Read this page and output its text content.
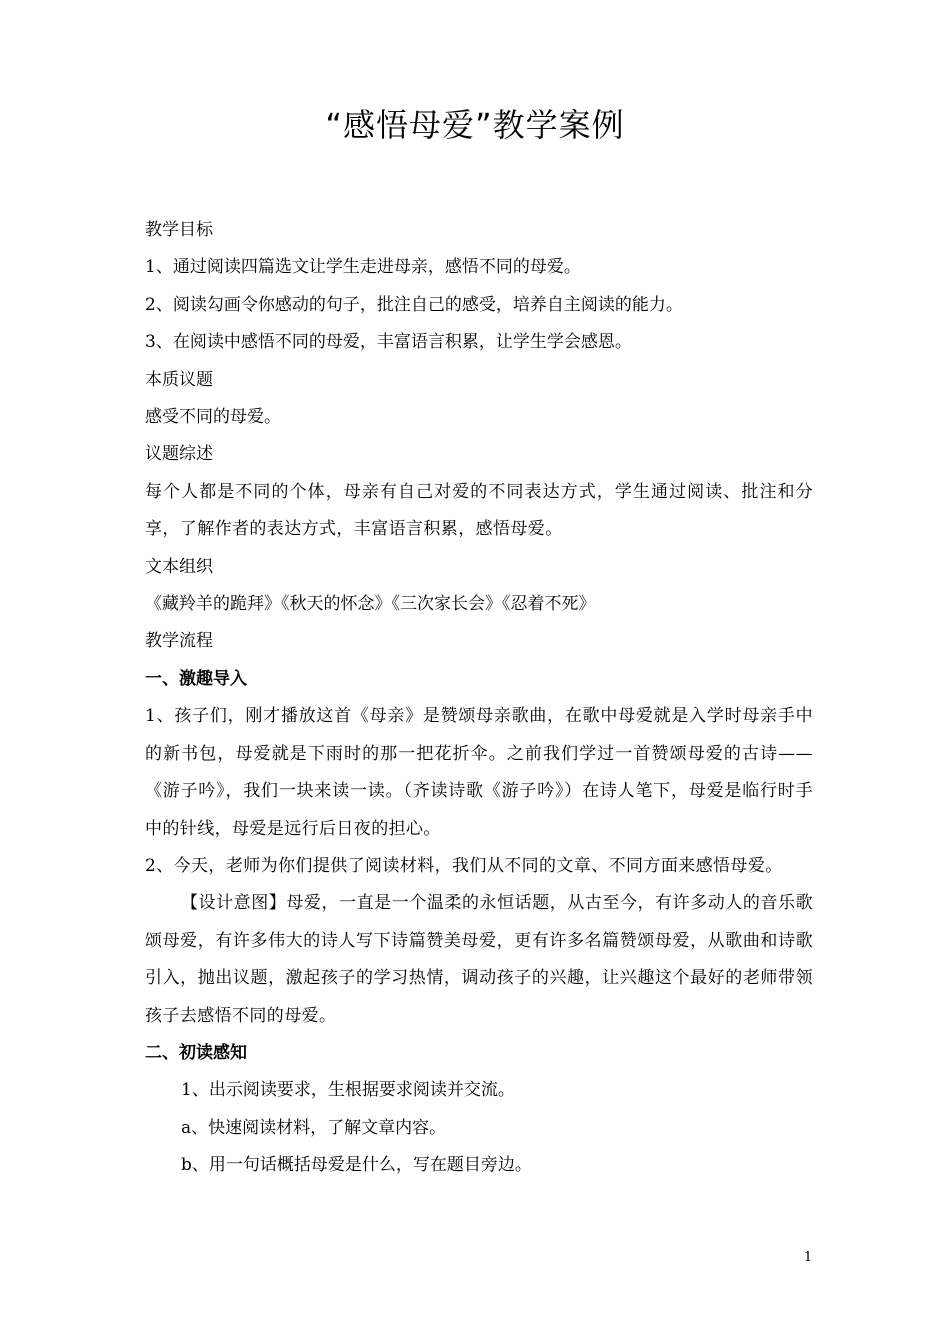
“感悟母爱”教学案例

教学目标

1、通过阅读四篇选文让学生走进母亲，感悟不同的母爱。

2、阅读勾画令你感动的句子，批注自己的感受，培养自主阅读的能力。

3、在阅读中感悟不同的母爱，丰富语言积累，让学生学会感恩。

本质议题

感受不同的母爱。

议题综述

每个人都是不同的个体，母亲有自己对爱的不同表达方式，学生通过阅读、批注和分享，了解作者的表达方式，丰富语言积累，感悟母爱。

文本组织

《藏羚羊的跪拜》《秋天的怀念》《三次家长会》《忍着不死》

教学流程

一、激趣导入

1、孩子们，刚才播放这首《母亲》是赞颂母亲歌曲，在歌中母爱就是入学时母亲手中的新书包，母爱就是下雨时的那一把花折伞。之前我们学过一首赞颂母爱的古诗——《游子吟》，我们一块来读一读。（齐读诗歌《游子吟》）在诗人笔下，母爱是临行时手中的针线，母爱是远行后日夜的担心。

2、今天，老师为你们提供了阅读材料，我们从不同的文章、不同方面来感悟母爱。

【设计意图】母爱，一直是一个温柔的永恒话题，从古至今，有许多动人的音乐歌颂母爱，有许多伟大的诗人写下诗篇赞美母爱，更有许多名篇赞颂母爱，从歌曲和诗歌引入，抛出议题，激起孩子的学习热情，调动孩子的兴趣，让兴趣这个最好的老师带领孩子去感悟不同的母爱。

二、初读感知

1、出示阅读要求，生根据要求阅读并交流。

a、快速阅读材料，了解文章内容。

b、用一句话概括母爱是什么，写在题目旁边。

1
